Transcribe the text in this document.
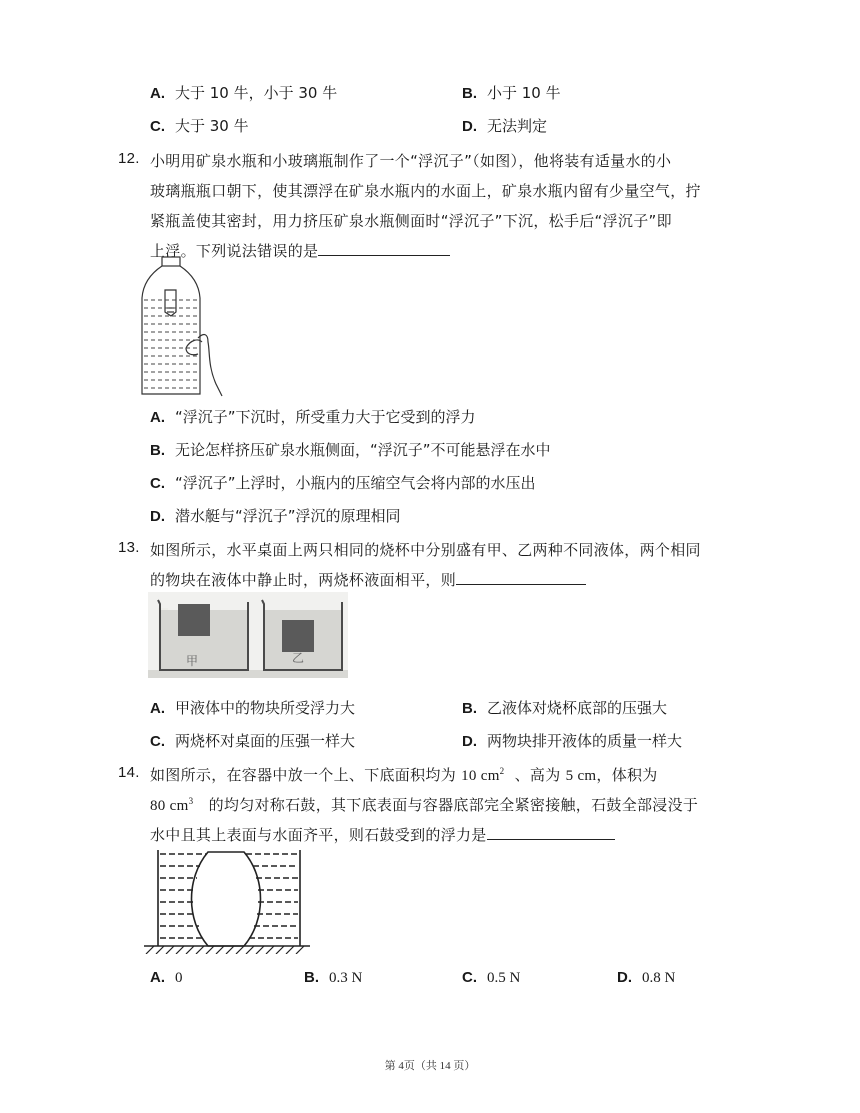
A. 大于 10 牛，小于 30 牛	B. 小于 10 牛
C. 大于 30 牛	D. 无法判定
12. 小明用矿泉水瓶和小玻璃瓶制作了一个“浮沉子”（如图），他将装有适量水的小
玻璃瓶瓶口朝下，使其漂浮在矿泉水瓶内的水面上，矿泉水瓶内留有少量空气，拧
紧瓶盖使其密封，用力挤压矿泉水瓶侧面时“浮沉子”下沉，松手后“浮沉子”即
上浮。下列说法错误的是
A. “浮沉子”下沉时，所受重力大于它受到的浮力
B. 无论怎样挤压矿泉水瓶侧面，“浮沉子”不可能悬浮在水中
C. “浮沉子”上浮时，小瓶内的压缩空气会将内部的水压出
D. 潜水艇与“浮沉子”浮沉的原理相同
13. 如图所示，水平桌面上两只相同的烧杯中分别盛有甲、乙两种不同液体，两个相同
的物块在液体中静止时，两烧杯液面相平，则
甲	乙
A. 甲液体中的物块所受浮力大	B. 乙液体对烧杯底部的压强大
C. 两烧杯对桌面的压强一样大	D. 两物块排开液体的质量一样大
14. 如图所示，在容器中放一个上、下底面积均为 10 $cm^2$ 、高为 5 cm，体积为
80 $cm^3$ 的均匀对称石鼓，其下底表面与容器底部完全紧密接触，石鼓全部浸没于
水中且其上表面与水面齐平，则石鼓受到的浮力是
A. 0	B. 0.3 N	C. 0.5 N	D. 0.8 N
第 4页（共 14 页）
